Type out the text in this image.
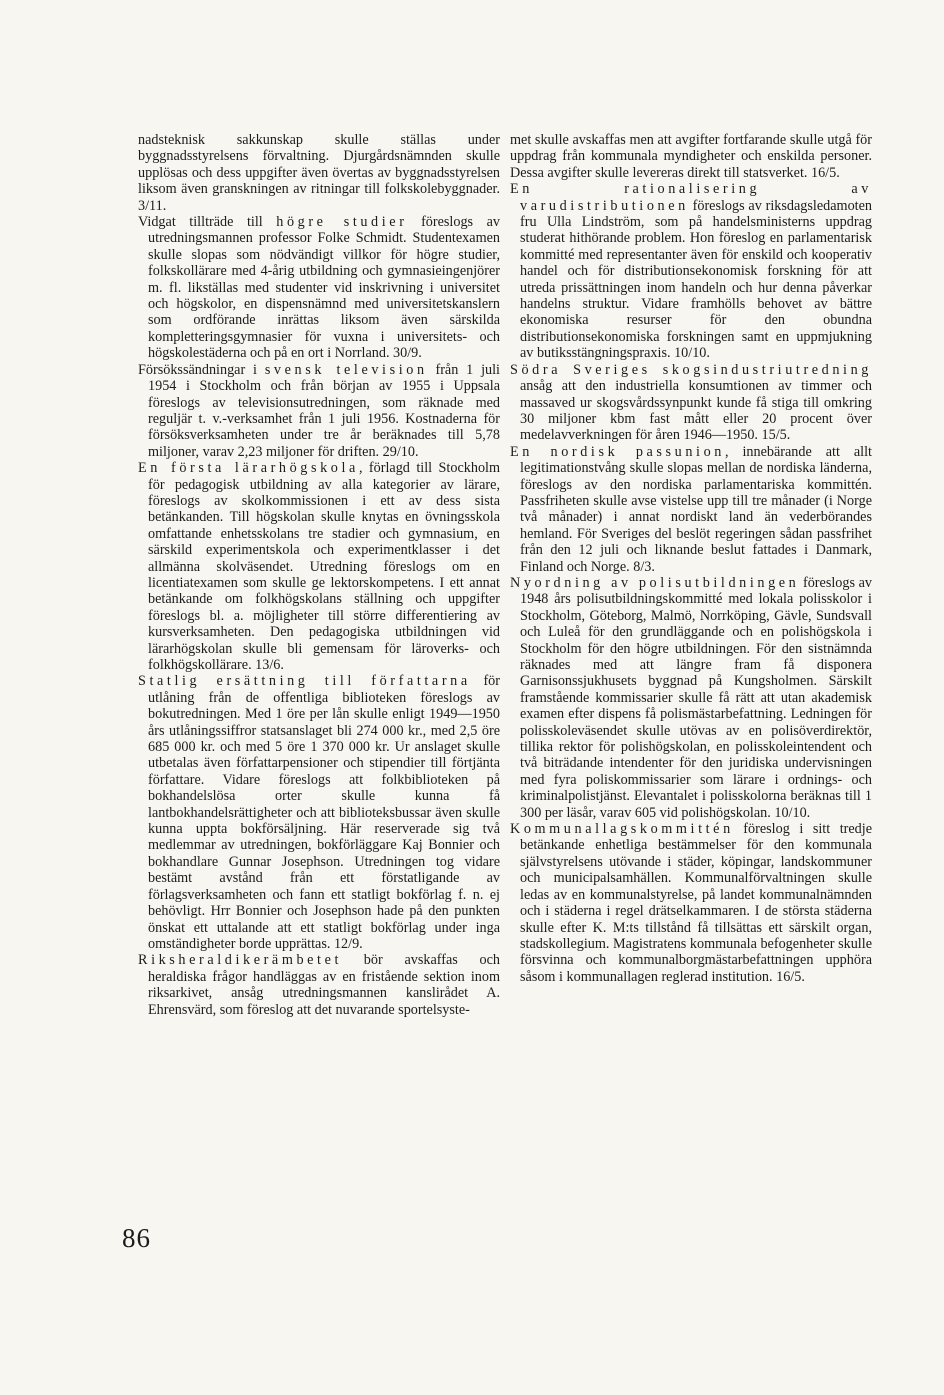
nadsteknisk sakkunskap skulle ställas under byggnadsstyrelsens förvaltning. Djurgårdsnämnden skulle upplösas och dess uppgifter även övertas av byggnadsstyrelsen liksom även granskningen av ritningar till folkskolebyggnader. 3/11.

Vidgat tillträde till högre studier föreslogs av utredningsmannen professor Folke Schmidt. Studentexamen skulle slopas som nödvändigt villkor för högre studier, folkskollärare med 4-årig utbildning och gymnasieingenjörer m. fl. likställas med studenter vid inskrivning i universitet och högskolor, en dispensnämnd med universitetskanslern som ordförande inrättas liksom även särskilda kompletteringsgymnasier för vuxna i universitets- och högskolestäderna och på en ort i Norrland. 30/9.

Försökssändningar i svensk television från 1 juli 1954 i Stockholm och från början av 1955 i Uppsala föreslogs av televisionsutredningen, som räknade med reguljär t. v.-verksamhet från 1 juli 1956. Kostnaderna för försöksverksamheten under tre år beräknades till 5,78 miljoner, varav 2,23 miljoner för driften. 29/10.

En första lärarhögskola, förlagd till Stockholm för pedagogisk utbildning av alla kategorier av lärare, föreslogs av skolkommissionen i ett av dess sista betänkanden. Till högskolan skulle knytas en övningsskola omfattande enhetsskolans tre stadier och gymnasium, en särskild experimentskola och experimentklasser i det allmänna skolväsendet. Utredning föreslogs om en licentiatexamen som skulle ge lektorskompetens. I ett annat betänkande om folkhögskolans ställning och uppgifter föreslogs bl. a. möjligheter till större differentiering av kursverksamheten. Den pedagogiska utbildningen vid lärarhögskolan skulle bli gemensam för läroverks- och folkhögskollärare. 13/6.

Statlig ersättning till författarna för utlåning från de offentliga biblioteken föreslogs av bokutredningen. Med 1 öre per lån skulle enligt 1949—1950 års utlåningssiffror statsanslaget bli 274 000 kr., med 2,5 öre 685 000 kr. och med 5 öre 1 370 000 kr. Ur anslaget skulle utbetalas även författarpensioner och stipendier till förtjänta författare. Vidare föreslogs att folkbiblioteken på bokhandelslösa orter skulle kunna få lantbokhandelsrättigheter och att biblioteksbussar även skulle kunna uppta bokförsäljning. Här reserverade sig två medlemmar av utredningen, bokförläggare Kaj Bonnier och bokhandlare Gunnar Josephson. Utredningen tog vidare bestämt avstånd från ett förstatligande av förlagsverksamheten och fann ett statligt bokförlag f. n. ej behövligt. Hrr Bonnier och Josephson hade på den punkten önskat ett uttalande att ett statligt bokförlag under inga omständigheter borde upprättas. 12/9.

Riksheraldikerämbetet bör avskaffas och heraldiska frågor handläggas av en fristående sektion inom riksarkivet, ansåg utredningsmannen kanslirådet A. Ehrensvärd, som föreslog att det nuvarande sportelsyste-

met skulle avskaffas men att avgifter fortfarande skulle utgå för uppdrag från kommunala myndigheter och enskilda personer. Dessa avgifter skulle levereras direkt till statsverket. 16/5.

En rationalisering av varudistributionen föreslogs av riksdagsledamoten fru Ulla Lindström, som på handelsministerns uppdrag studerat hithörande problem. Hon föreslog en parlamentarisk kommitté med representanter även för enskild och kooperativ handel och för distributionsekonomisk forskning för att utreda prissättningen inom handeln och hur denna påverkar handelns struktur. Vidare framhölls behovet av bättre ekonomiska resurser för den obundna distributionsekonomiska forskningen samt en uppmjukning av butiksstängningspraxis. 10/10.

Södra Sveriges skogsindustriutredning ansåg att den industriella konsumtionen av timmer och massaved ur skogsvårdssynpunkt kunde få stiga till omkring 30 miljoner kbm fast mått eller 20 procent över medelavverkningen för åren 1946—1950. 15/5.

En nordisk passunion, innebärande att allt legitimationstvång skulle slopas mellan de nordiska länderna, föreslogs av den nordiska parlamentariska kommittén. Passfriheten skulle avse vistelse upp till tre månader (i Norge två månader) i annat nordiskt land än vederbörandes hemland. För Sveriges del beslöt regeringen sådan passfrihet från den 12 juli och liknande beslut fattades i Danmark, Finland och Norge. 8/3.

Nyordning av polisutbildningen föreslogs av 1948 års polisutbildningskommitté med lokala polisskolor i Stockholm, Göteborg, Malmö, Norrköping, Gävle, Sundsvall och Luleå för den grundläggande och en polishögskola i Stockholm för den högre utbildningen. För den sistnämnda räknades med att längre fram få disponera Garnisonssjukhusets byggnad på Kungsholmen. Särskilt framstående kommissarier skulle få rätt att utan akademisk examen efter dispens få polismästarbefattning. Ledningen för polisskoleväsendet skulle utövas av en polisöverdirektör, tillika rektor för polishögskolan, en polisskoleintendent och två biträdande intendenter för den juridiska undervisningen med fyra poliskommissarier som lärare i ordnings- och kriminalpolistjänst. Elevantalet i polisskolorna beräknas till 1 300 per läsår, varav 605 vid polishögskolan. 10/10.

Kommunallagskommittén föreslog i sitt tredje betänkande enhetliga bestämmelser för den kommunala självstyrelsens utövande i städer, köpingar, landskommuner och municipalsamhällen. Kommunalförvaltningen skulle ledas av en kommunalstyrelse, på landet kommunalnämnden och i städerna i regel drätselkammaren. I de största städerna skulle efter K. M:ts tillstånd få tillsättas ett särskilt organ, stadskollegium. Magistratens kommunala befogenheter skulle försvinna och kommunalborgmästarbefattningen upphöra såsom i kommunallagen reglerad institution. 16/5.

86
